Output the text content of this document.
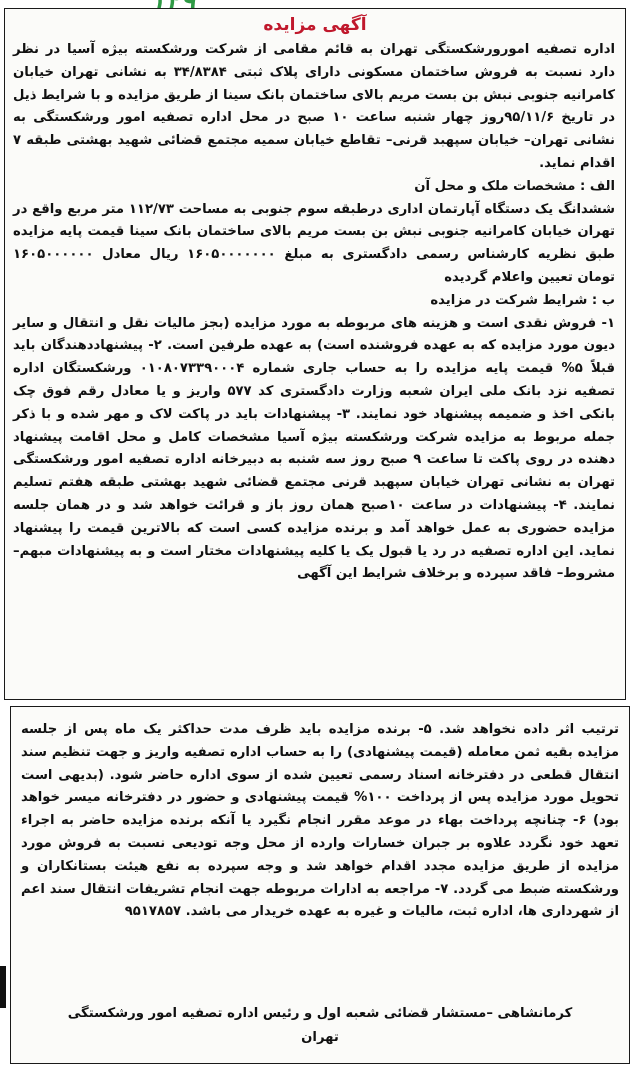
آگهی مزایده
اداره تصفیه امورورشکستگی تهران به قائم مقامی از شرکت ورشکسته بیژه آسیا در نظر دارد نسبت به فروش ساختمان مسکونی دارای پلاک ثبتی ۳۴/۸۳۸۴ به نشانی تهران خیابان کامرانیه جنوبی نبش بن بست مریم بالای ساختمان بانک سینا از طریق مزایده و با شرایط ذیل در تاریخ ۹۵/۱۱/۶روز چهار شنبه ساعت ۱۰ صبح در محل اداره تصفیه امور ورشکستگی به نشانی تهران– خیابان سپهبد قرنی– تقاطع خیابان سمیه مجتمع قضائی شهید بهشتی طبقه ۷ اقدام نماید.
الف : مشخصات ملک و محل آن
ششدانگ یک دستگاه آپارتمان اداری درطبقه سوم جنوبی به مساحت ۱۱۲/۷۳ متر مربع واقع در تهران خیابان کامرانیه جنوبی نبش بن بست مریم بالای ساختمان بانک سینا قیمت پایه مزایده طبق نظریه کارشناس رسمی دادگستری به مبلغ ۱۶۰۵۰۰۰۰۰۰۰ ریال معادل ۱۶۰۵۰۰۰۰۰۰ تومان تعیین واعلام گردیده
ب : شرایط شرکت در مزایده
۱- فروش نقدی است و هزینه های مربوطه به مورد مزایده (بجز مالیات نقل و انتقال و سایر دیون مورد مزایده که به عهده فروشنده است) به عهده طرفین است. ۲- پیشنهاددهندگان باید قبلاً ۵% قیمت پایه مزایده را به حساب جاری شماره ۰۱۰۸۰۷۳۳۹۰۰۰۴ ورشکستگان اداره تصفیه نزد بانک ملی ایران شعبه وزارت دادگستری کد ۵۷۷ واریز و یا معادل رقم فوق چک بانکی اخذ و ضمیمه پیشنهاد خود نمایند. ۳- پیشنهادات باید در پاکت لاک و مهر شده و با ذکر جمله مربوط به مزایده شرکت ورشکسته بیژه آسیا مشخصات کامل و محل اقامت پیشنهاد دهنده در روی پاکت تا ساعت ۹ صبح روز سه شنبه به دبیرخانه اداره تصفیه امور ورشکستگی تهران به نشانی تهران خیابان سپهبد قرنی مجتمع قضائی شهید بهشتی طبقه هفتم تسلیم نمایند. ۴- پیشنهادات در ساعت ۱۰صبح همان روز باز و قرائت خواهد شد و در همان جلسه مزایده حضوری به عمل خواهد آمد و برنده مزایده کسی است که بالاترین قیمت را پیشنهاد نماید. این اداره تصفیه در رد یا قبول یک یا کلیه پیشنهادات مختار است و به پیشنهادات مبهم– مشروط– فاقد سپرده و برخلاف شرایط این آگهی
ترتیب اثر داده نخواهد شد. ۵- برنده مزایده باید ظرف مدت حداکثر یک ماه پس از جلسه مزایده بقیه ثمن معامله (قیمت پیشنهادی) را به حساب اداره تصفیه واریز و جهت تنظیم سند انتقال قطعی در دفترخانه اسناد رسمی تعیین شده از سوی اداره حاضر شود. (بدیهی است تحویل مورد مزایده پس از پرداخت ۱۰۰% قیمت پیشنهادی و حضور در دفترخانه میسر خواهد بود) ۶- چنانچه پرداخت بهاء در موعد مقرر انجام نگیرد یا آنکه برنده مزایده حاضر به اجراء تعهد خود نگردد علاوه بر جبران خسارات وارده از محل وجه تودیعی نسبت به فروش مورد مزایده از طریق مزایده مجدد اقدام خواهد شد و وجه سپرده به نفع هیئت بستانکاران و ورشکسته ضبط می گردد. ۷- مراجعه به ادارات مربوطه جهت انجام تشریفات انتقال سند اعم از شهرداری ها، اداره ثبت، مالیات و غیره به عهده خریدار می باشد. ۹۵۱۷۸۵۷
کرمانشاهی –مستشار قضائی شعبه اول و رئیس اداره تصفیه امور ورشکستگی
تهران
